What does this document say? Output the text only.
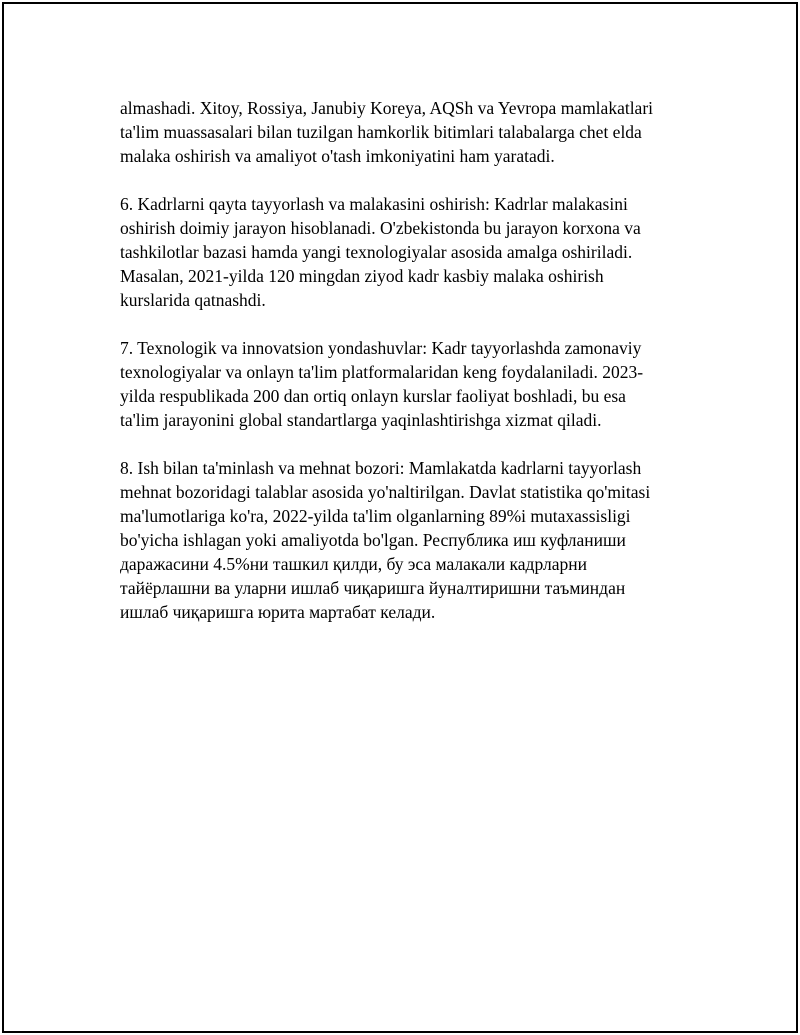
almashadi. Xitoy, Rossiya, Janubiy Koreya, AQSh va Yevropa mamlakatlari
ta'lim muassasalari bilan tuzilgan hamkorlik bitimlari talabalarga chet elda
malaka oshirish va amaliyot o'tash imkoniyatini ham yaratadi.

6. Kadrlarni qayta tayyorlash va malakasini oshirish: Kadrlar malakasini
oshirish doimiy jarayon hisoblanadi. O'zbekistonda bu jarayon korxona va
tashkilotlar bazasi hamda yangi texnologiyalar asosida amalga oshiriladi.
Masalan, 2021-yilda 120 mingdan ziyod kadr kasbiy malaka oshirish
kurslarida qatnashdi.

7. Texnologik va innovatsion yondashuvlar: Kadr tayyorlashda zamonaviy
texnologiyalar va onlayn ta'lim platformalaridan keng foydalaniladi. 2023-
yilda respublikada 200 dan ortiq onlayn kurslar faoliyat boshladi, bu esa
ta'lim jarayonini global standartlarga yaqinlashtirishga xizmat qiladi.

8. Ish bilan ta'minlash va mehnat bozori: Mamlakatda kadrlarni tayyorlash
mehnat bozoridagi talablar asosida yo'naltirilgan. Davlat statistika qo'mitasi
ma'lumotlariga ko'ra, 2022-yilda ta'lim olganlarning 89%i mutaxassisligi
bo'yicha ishlagan yoki amaliyotda bo'lgan. Республика иш куфланиши
даражасини 4.5%ни ташкил қилди, бу эса малакали кадрларни
тайёрлашни ва уларни ишлаб чиқаришга йуналтиришни таъминдан
ишлаб чиқаришга юрита мартабат келади.
